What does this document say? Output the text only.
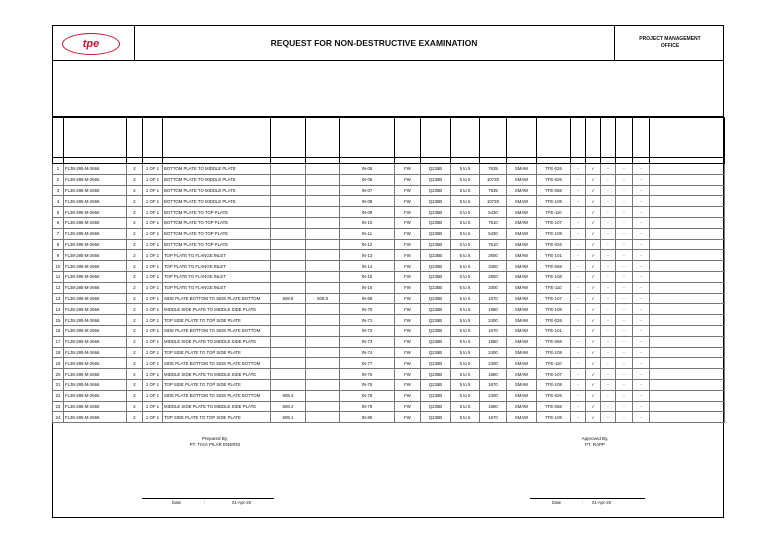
tpe	REQUEST FOR NON-DESTRUCTIVE EXAMINATION	PROJECT MANAGEMENT
OFFICE

1	FL38-285-M-2666	2	1 OF 1	BOTTOM PLATE TO MIDDLE PLATE			IN-05	FW	Q235B	5 to 5	7635	SMAW	TFE-026	-	✓	-	-	-	
2	FL38-285-M-2666	2	1 OF 1	BOTTOM PLATE TO MIDDLE PLATE			IN-06	FW	Q235B	5 to 5	10730	SMAW	TFE-026	-	✓	-	-	-	
3	FL38-285-M-2666	2	1 OF 1	BOTTOM PLATE TO MIDDLE PLATE			IN-07	FW	Q235B	5 to 5	7635	SMAW	TFE-068	-	✓	-	-	-	
4	FL38-285-M-2666	2	1 OF 1	BOTTOM PLATE TO MIDDLE PLATE			IN-08	FW	Q235B	5 to 5	10730	SMAW	TFE-108	-	✓	-	-	-	
5	FL38-285-M-2666	2	1 OF 1	BOTTOM PLATE TO TOP PLATE			IN-09	FW	Q235B	5 to 5	5430	SMAW	TFE-110	-	✓	-	-	-	
6	FL38-285-M-2666	2	1 OF 1	BOTTOM PLATE TO TOP PLATE			IN-10	FW	Q235B	5 to 5	7510	SMAW	TFE-107	-	✓	-	-	-	
7	FL38-285-M-2666	2	1 OF 1	BOTTOM PLATE TO TOP PLATE			IN-11	FW	Q235B	5 to 5	5430	SMAW	TFE-108	-	✓	-	-	-	
8	FL38-285-M-2666	2	1 OF 1	BOTTOM PLATE TO TOP PLATE			IN-12	FW	Q235B	5 to 5	7510	SMAW	TFE-026	-	✓	-	-	-	
9	FL38-285-M-2666	2	1 OF 1	TOP PLATE TO FLANGE INLET			IN-13	FW	Q235B	5 to 5	2800	SMAW	TFE-101	-	✓	-	-	-	
10	FL38-285-M-2666	2	1 OF 1	TOP PLATE TO FLANGE INLET			IN-14	FW	Q235B	5 to 5	3400	SMAW	TFE-068	-	✓	-	-	-	
11	FL38-285-M-2666	2	1 OF 1	TOP PLATE TO FLANGE INLET			IN-15	FW	Q235B	5 to 5	2800	SMAW	TFE-108	-	✓	-	-	-	
12	FL38-285-M-2666	2	1 OF 1	TOP PLATE TO FLANGE INLET			IN-16	FW	Q235B	5 to 5	3400	SMAW	TFE-110	-	✓	-	-	-	
13	FL38-285-M-2666	2	1 OF 1	SIDE PLATE BOTTOM TO SIDE PLATE BOTTOM	608.8	608.8	IN-69	FW	Q235B	5 to 5	1670	SMAW	TFE-107	-	✓	-	-	-	
14	FL38-285-M-2666	2	1 OF 1	MIDDLE SIDE PLATE TO MIDDLE SIDE PLATE			IN-70	FW	Q235B	5 to 5	1980	SMAW	TFE-108	-	✓	-	-	-	
15	FL38-285-M-2666	2	1 OF 1	TOP SIDE PLATE TO TOP SIDE PLATE			IN-71	FW	Q235B	5 to 5	2400	SMAW	TFE-026	-	✓	-	-	-	
16	FL38-285-M-2666	2	1 OF 1	SIDE PLATE BOTTOM TO SIDE PLATE BOTTOM			IN-72	FW	Q235B	5 to 5	1670	SMAW	TFE-101	-	✓	-	-	-	
17	FL38-285-M-2666	2	1 OF 1	MIDDLE SIDE PLATE TO MIDDLE SIDE PLATE			IN-73	FW	Q235B	5 to 5	1980	SMAW	TFE-068	-	✓	-	-	-	
18	FL38-285-M-2666	2	1 OF 1	TOP SIDE PLATE TO TOP SIDE PLATE			IN-74	FW	Q235B	5 to 5	2400	SMAW	TFE-108	-	✓	-	-	-	
19	FL38-285-M-2666	2	1 OF 1	SIDE PLATE BOTTOM TO SIDE PLATE BOTTOM			IN-77	FW	Q235B	5 to 5	2400	SMAW	TFE-110	-	✓	-	-	-	
20	FL38-285-M-2666	2	1 OF 1	MIDDLE SIDE PLATE TO MIDDLE SIDE PLATE			IN-76	FW	Q235B	5 to 5	1980	SMAW	TFE-107	-	✓	-	-	-	
21	FL38-285-M-2666	2	1 OF 1	TOP SIDE PLATE TO TOP SIDE PLATE			IN-75	FW	Q235B	5 to 5	1670	SMAW	TFE-108	-	✓	-	-	-	
22	FL38-285-M-2666	2	1 OF 1	SIDE PLATE BOTTOM TO SIDE PLATE BOTTOM	608.4		IN-78	FW	Q235B	5 to 5	2400	SMAW	TFE-026	-	✓	-	-	-	
23	FL38-285-M-2666	2	1 OF 1	MIDDLE SIDE PLATE TO MIDDLE SIDE PLATE	608.2		IN-79	FW	Q235B	5 to 5	1980	SMAW	TFE-068	-	✓	-	-	-	
24	FL38-285-M-2666	2	1 OF 1	TOP SIDE PLATE TO TOP SIDE PLATE	608.1		IN-80	FW	Q235B	5 to 5	1670	SMAW	TFE-108	-	✓	-	-	-	
Prepared By,
PT. TIGA PILAR ENERGI
Approved By,
PT. RAPP
Date	:	01-Apr-20	Date	: 01-Apr-20
